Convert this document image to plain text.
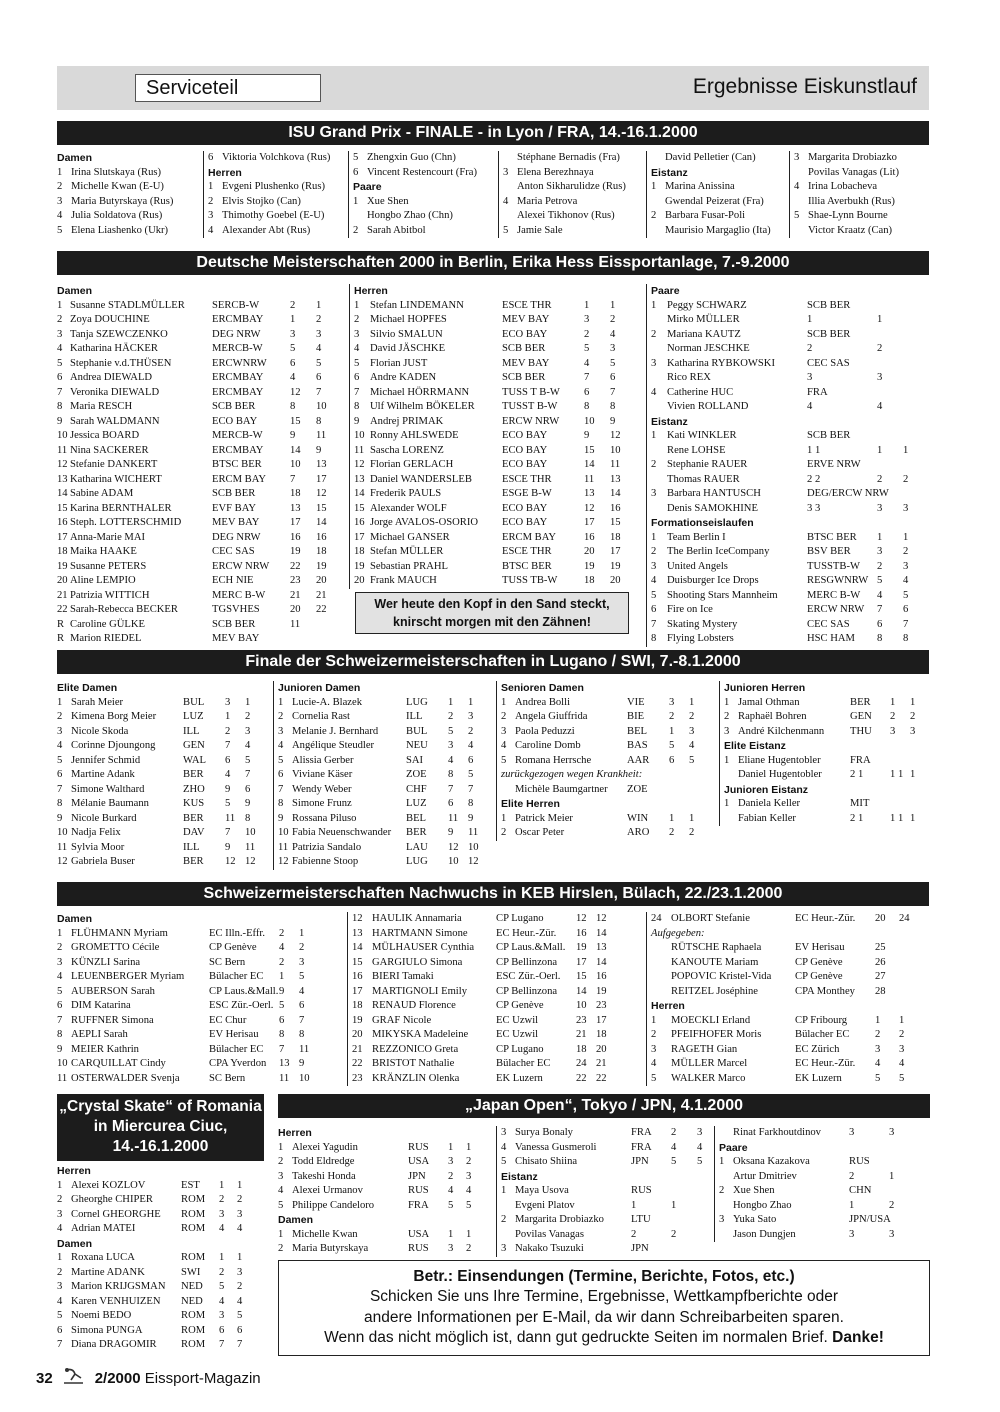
Serviceteil	Ergebnisse Eiskunstlauf
ISU Grand Prix - FINALE - in Lyon / FRA, 14.-16.1.2000
Damen
1 Irina Slutskaya (Rus)
2 Michelle Kwan (E-U)
3 Maria Butyrskaya (Rus)
4 Julia Soldatova (Rus)
5 Elena Liashenko (Ukr)
6 Viktoria Volchkova (Rus)
Herren
1 Evgeni Plushenko (Rus)
2 Elvis Stojko (Can)
3 Thimothy Goebel (E-U)
4 Alexander Abt (Rus)
5 Zhengxin Guo (Chn)
6 Vincent Restencourt (Fra)
Paare
1 Xue Shen
Hongbo Zhao (Chn)
2 Sarah Abitbol
Stéphane Bernadis (Fra)
3 Elena Berezhnaya
Anton Sikharulidze (Rus)
4 Maria Petrova
Alexei Tikhonov (Rus)
5 Jamie Sale
David Pelletier (Can)
Eistanz
1 Marina Anissina
Gwendal Peizerat (Fra)
2 Barbara Fusar-Poli
Maurisio Margaglio (Ita)
3 Margarita Drobiazko
Povilas Vanagas (Lit)
4 Irina Lobacheva
Illia Averbukh (Rus)
5 Shae-Lynn Bourne
Victor Kraatz (Can)
Deutsche Meisterschaften 2000 in Berlin, Erika Hess Eissportanlage, 7.-9.2000
Damen
1 Susanne STADLMÜLLER	SERCB-W	2	1
2 Zoya DOUCHINE	ERCMBAY	1	2
3 Tanja SZEWCZENKO	DEG NRW	3	3
4 Katharina HÄCKER	MERCB-W	5	4
5 Stephanie v.d.THÜSEN	ERCWNRW	6	5
6 Andrea DIEWALD	ERCMBAY	4	6
7 Veronika DIEWALD	ERCMBAY	12	7
8 Maria RESCH	SCB BER	8	10
9 Sarah WALDMANN	ECO BAY	15	8
10 Jessica BOARD	MERCB-W	9	11
11 Nina SACKERER	ERCMBAY	14	9
12 Stefanie DANKERT	BTSC BER	10	13
13 Katharina WICHERT	ERCM BAY	7	17
14 Sabine ADAM	SCB BER	18	12
15 Karina BERNTHALER	EVF BAY	13	15
16 Steph. LOTTERSCHMID	MEV BAY	17	14
17 Anna-Marie MAI	DEG NRW	16	16
18 Maika HAAKE	CEC SAS	19	18
19 Susanne PETERS	ERCW NRW	22	19
20 Aline LEMPIO	ECH NIE	23	20
21 Patrizia WITTICH	MERC B-W	21	21
22 Sarah-Rebecca BECKER	TGSVHES	20	22
R Caroline GÜLKE	SCB BER	11
R Marion RIEDEL	MEV BAY
Herren
1	Stefan LINDEMANN	ESCE THR	1	1
2	Michael HOPFES	MEV BAY	3	2
3	Silvio SMALUN	ECO BAY	2	4
4	David JÄSCHKE	SCB BER	5	3
5	Florian JUST	MEV BAY	4	5
6	Andre KADEN	SCB BER	7	6
7	Michael HÖRRMANN	TUSS T B-W	6	7
8	Ulf Wilhelm BÖKELER	TUSST B-W	8	8
9	Andrej PRIMAK	ERCW NRW	10	9
10 Ronny AHLSWEDE	ECO BAY	9	12
11 Sascha LORENZ	ECO BAY	15	10
12 Florian GERLACH	ECO BAY	14	11
13 Daniel WANDERSLEB	ESCE THR	11	13
14 Frederik PAULS	ESGE B-W	13	14
15 Alexander WOLF	ECO BAY	12	16
16 Jorge AVALOS-OSORIO	ECO BAY	17	15
17 Michael GANSER	ERCM BAY	16	18
18 Stefan MÜLLER	ESCE THR	20	17
19 Sebastian PRAHL	BTSC BER	19	19
20 Frank MAUCH	TUSS TB-W	18	20
Paare
1	Peggy SCHWARZ	SCB BER
Mirko MÜLLER	1	1
2	Mariana KAUTZ	SCB BER
Norman JESCHKE	2	2
3	Katharina RYBKOWSKI	CEC SAS
Rico REX	3	3
4	Catherine HUC	FRA
Vivien ROLLAND	4	4
Eistanz
1	Kati WINKLER	SCB BER
Rene LOHSE	1 1	1	1
2	Stephanie RAUER	ERVE NRW
Thomas RAUER	2 2	2	2
3	Barbara HANTUSCH	DEG/ERCW NRW
Denis SAMOKHINE	3 3	3	3
Formationseislaufen
1	Team Berlin I	BTSC BER	1	1
2	The Berlin IceCompany	BSV BER	3	2
3	United Angels	TUSSTB-W	2	3
4	Duisburger Ice Drops	RESGWNRW 5	4
5	Shooting Stars Mannheim	MERC B-W	4	5
6	Fire on Ice	ERCW NRW	7	6
7	Skating Mystery	CEC SAS	6	7
8	Flying Lobsters	HSC HAM	8	8
Wer heute den Kopf in den Sand steckt, knirscht morgen mit den Zähnen!
Finale der Schweizermeisterschaften in Lugano / SWI, 7.-8.1.2000
Elite Damen
1 Sarah Meier	BUL	3	1
2 Kimena Borg Meier	LUZ	1	2
3 Nicole Skoda	ILL	2	3
4 Corinne Djoungong	GEN	7	4
5 Jennifer Schmid	WAL	6	5
6 Martine Adank	BER	4	7
7 Simone Walthard	ZHO	9	6
8 Mélanie Baumann	KUS	5	9
9 Nicole Burkard	BER	11 8
10 Nadja Felix	DAV	7	10
11 Sylvia Moor	ILL	9	11
12 Gabriela Buser	BER	12 12
Junioren Damen
1 Lucie-A. Blazek	LUG	1	1
2 Cornelia Rast	ILL	2	3
3 Melanie J. Bernhard	BUL	5	2
4 Angélique Steudler	NEU	3	4
5 Alissia Gerber	SAI	4	6
6 Viviane Käser	ZOE	8	5
7 Wendy Weber	CHF	7	7
8 Simone Frunz	LUZ	6	8
9 Rossana Piluso	BEL	11 9
10 Fabia Neuenschwander	BER	9	11
11 Patrizia Sandalo	LAU	12 10
12 Fabienne Stoop	LUG	10 12
Senioren Damen
1 Andrea Bolli	VIE	3	1
2 Angela Giuffrida	BIE	2	2
3 Paola Peduzzi	BEL	1	3
4 Caroline Domb	BAS	5	4
5 Romana Herrsche	AAR	6	5
zurückgezogen wegen Krankheit:
Michèle Baumgartner	ZOE
Elite Herren
1 Patrick Meier	WIN	1	1
2 Oscar Peter	ARO	2	2
Junioren Herren
1 Jamal Othman	BER	1	1
2 Raphaël Bohren	GEN	2	2
3 André Kilchenmann	THU	3	3
Elite Eistanz
1 Eliane Hugentobler	FRA
Daniel Hugentobler	2 1	1 1 1
Junioren Eistanz
1 Daniela Keller	MIT
Fabian Keller	2 1	1 1 1
Schweizermeisterschaften Nachwuchs in KEB Hirslen, Bülach, 22./23.1.2000
Damen
1 FLÜHMANN Myriam	EC Illn.-Effr.	2	1
2 GROMETTO Cécile	CP Genève	4	2
3 KÜNZLI Sarina	SC Bern	2	3
4 LEUENBERGER Myriam	Bülacher EC	1	5
5 AUBERSON Sarah	CP Laus.&Mall. 9	4
6 DIM Katarina	ESC Zür.-Oerl. 5	6
7 RUFFNER Simona	EC Chur	6	7
8 AEPLI Sarah	EV Herisau	8	8
9 MEIER Kathrin	Bülacher EC	7	11
10 CARQUILLAT Cindy	CPA Yverdon	13 9
11 OSTERWALDER Svenja	SC Bern	11 10
12 HAULIK Annamaria	CP Lugano	12 12
13 HARTMANN Simone	EC Heur.-Zür.	16 14
14 MÜLHAUSER Cynthia	CP Laus.&Mall.	19 13
15 GARGIULO Simona	CP Bellinzona	17 14
16 BIERI Tamaki	ESC Zür.-Oerl.	15 16
17 MARTIGNOLI Emily	CP Bellinzona	14 19
18 RENAUD Florence	CP Genève	10 23
19 GRAF Nicole	EC Uzwil	23 17
20 MIKYSKA Madeleine	EC Uzwil	21 18
21 REZZONICO Greta	CP Lugano	18 20
22 BRISTOT Nathalie	Bülacher EC	24 21
23 KRÄNZLIN Olenka	EK Luzern	22 22
24 OLBORT Stefanie	EC Heur.-Zür.	20	24
Aufgegeben:
RÜTSCHE Raphaela	EV Herisau	25
KANOUTE Mariam	CP Genève	26
POPOVIC Kristel-Vida	CP Genève	27
REITZEL Joséphine	CPA Monthey	28
Herren
1	MOECKLI Erland	CP Fribourg	1	1
2	PFEIFHOFER Moris	Bülacher EC	2	2
3	RAGETH Gian	EC Zürich	3	3
4	MÜLLER Marcel	EC Heur.-Zür.	4	4
5	WALKER Marco	EK Luzern	5	5
„Crystal Skate“ of Romania in Miercurea Ciuc, 14.-16.1.2000
Herren
1 Alexei KOZLOV	EST	1	1
2 Gheorghe CHIPER	ROM	2	2
3 Cornel GHEORGHE	ROM	3	3
4 Adrian MATEI	ROM	4	4
Damen
1 Roxana LUCA	ROM	1	1
2 Martine ADANK	SWI	2	3
3 Marion KRIJGSMAN	NED	5	2
4 Karen VENHUIZEN	NED	4	4
5 Noemi BEDO	ROM	3	5
6 Simona PUNGA	ROM	6	6
7 Diana DRAGOMIR	ROM	7	7
„Japan Open“, Tokyo / JPN, 4.1.2000
Herren
1 Alexei Yagudin	RUS	1	1
2 Todd Eldredge	USA	3	2
3 Takeshi Honda	JPN	2	3
4 Alexei Urmanov	RUS	4	4
5 Philippe Candeloro	FRA	5	5
Damen
1 Michelle Kwan	USA	1	1
2 Maria Butyrskaya	RUS	3	2
3 Surya Bonaly	FRA	2	3
4 Vanessa Gusmeroli	FRA	4	4
5 Chisato Shiina	JPN	5	5
Eistanz
1 Maya Usova	RUS
Evgeni Platov	1	1
2 Margarita Drobiazko	LTU
Povilas Vanagas	2	2
3 Nakako Tsuzuki	JPN
Rinat Farkhoutdinov	3	3
Paare
1 Oksana Kazakova	RUS
Artur Dmitriev	2	1
2 Xue Shen	CHN
Hongbo Zhao	1	2
3 Yuka Sato	JPN/USA
Jason Dungjen	3	3
Betr.: Einsendungen (Termine, Berichte, Fotos, etc.)
Schicken Sie uns Ihre Termine, Ergebnisse, Wettkampfberichte oder
andere Informationen per E-Mail, da wir dann Schreibarbeiten sparen.
Wenn das nicht möglich ist, dann gut gedruckte Seiten im normalen Brief. Danke!
32	2/2000 Eissport-Magazin
